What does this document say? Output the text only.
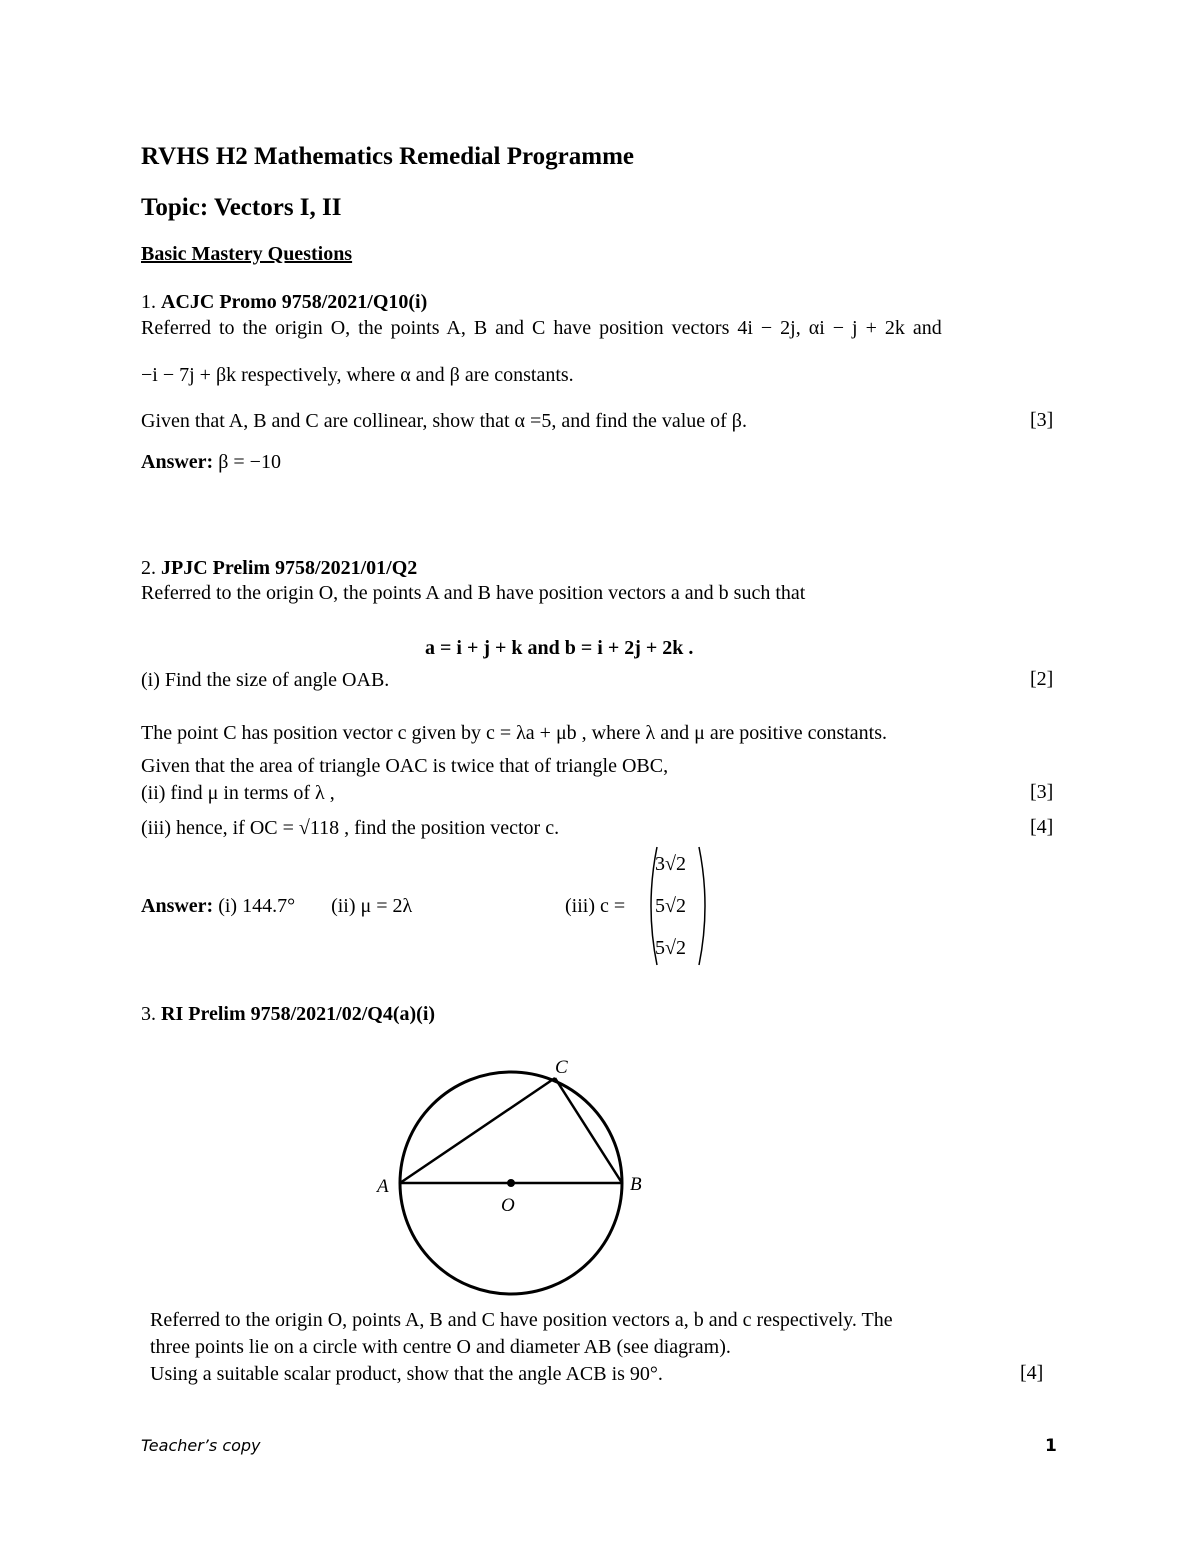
RVHS H2 Mathematics Remedial Programme
Topic: Vectors I, II
Basic Mastery Questions
1. ACJC Promo 9758/2021/Q10(i)
Referred to the origin O, the points A, B and C have position vectors 4i − 2j, αi − j + 2k and
−i − 7j + βk respectively, where α and β are constants.
Given that A, B and C are collinear, show that α =5, and find the value of β.	[3]
Answer: β = −10
2. JPJC Prelim 9758/2021/01/Q2
Referred to the origin O, the points A and B have position vectors a and b such that
a = i + j + k and b = i + 2j + 2k .
(i) Find the size of angle OAB.	[2]
The point C has position vector c given by c = λa + μb , where λ and μ are positive constants.
Given that the area of triangle OAC is twice that of triangle OBC,
(ii) find μ in terms of λ ,	[3]
(iii) hence, if OC = √118 , find the position vector c.	[4]
Answer: (i) 144.7° (ii) μ = 2λ	(iii) c =
3√2
5√2
5√2
3. RI Prelim 9758/2021/02/Q4(a)(i)
A	B
C
O
Referred to the origin O, points A, B and C have position vectors a, b and c respectively. The
three points lie on a circle with centre O and diameter AB (see diagram).
Using a suitable scalar product, show that the angle ACB is 90°.	[4]
Teacher’s copy	1
